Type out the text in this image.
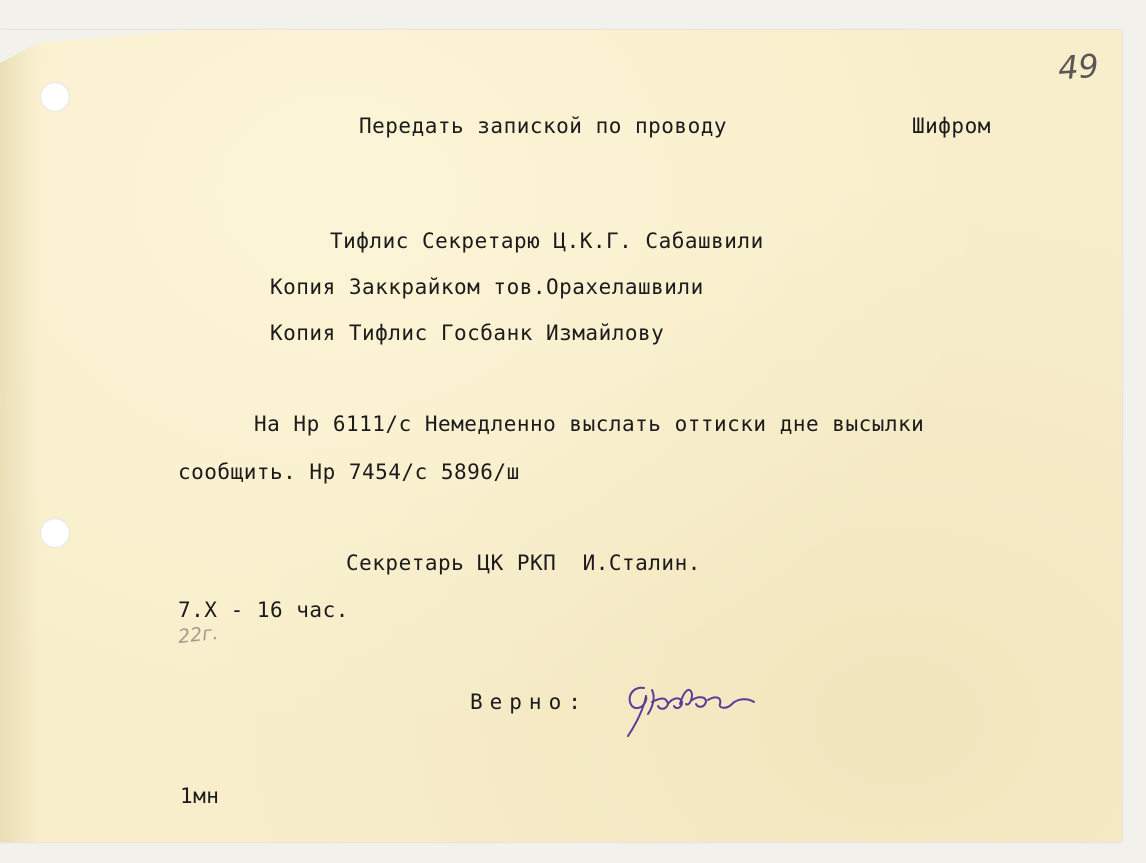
49
Передать запиской по проводу	Шифром
Тифлис Секретарю Ц.К.Г. Сабашвили
Копия Заккрайком тов.Орахелашвили
Копия Тифлис Госбанк Измайлову
На Нр 6111/с Немедленно выслать оттиски дне высылки
сообщить. Нр 7454/с 5896/ш
Секретарь ЦК РКП  И.Сталин.
7.X - 16 час.
22г.
Верно:
1мн
